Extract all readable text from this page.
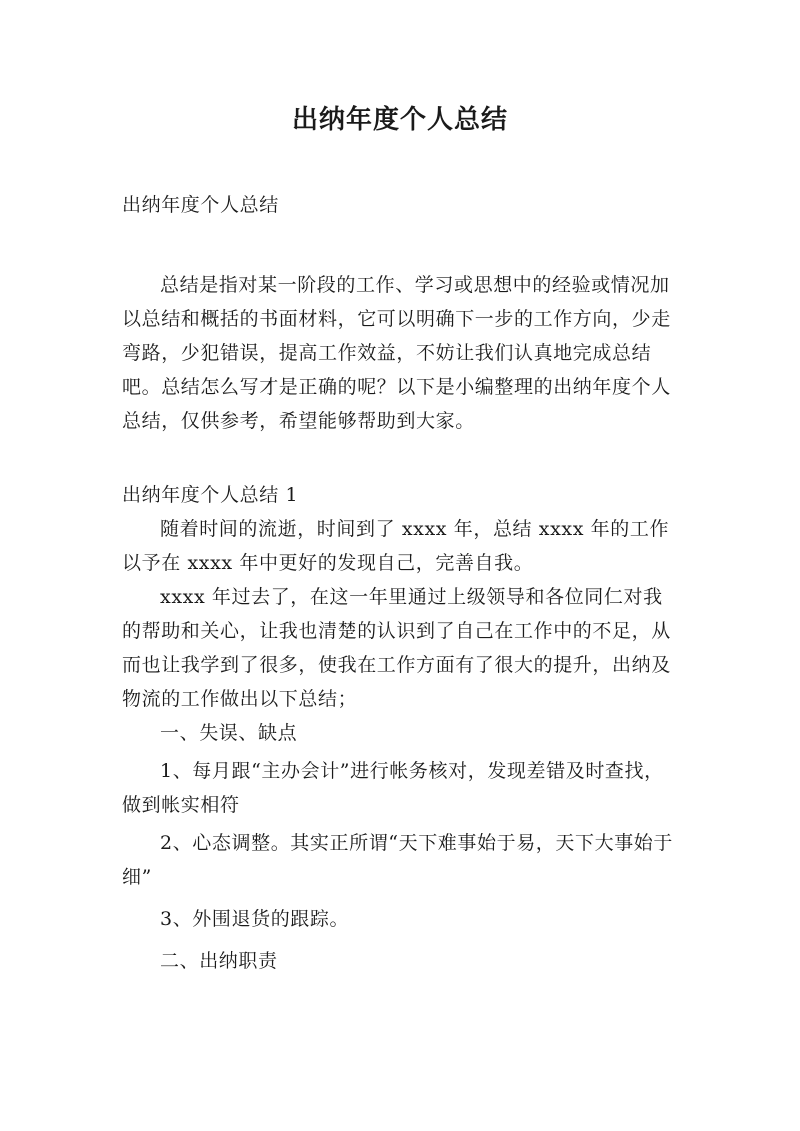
出纳年度个人总结

出纳年度个人总结

总结是指对某一阶段的工作、学习或思想中的经验或情况加以总结和概括的书面材料，它可以明确下一步的工作方向，少走弯路，少犯错误，提高工作效益，不妨让我们认真地完成总结吧。总结怎么写才是正确的呢？以下是小编整理的出纳年度个人总结，仅供参考，希望能够帮助到大家。

出纳年度个人总结 1

随着时间的流逝，时间到了 xxxx 年，总结 xxxx 年的工作以予在 xxxx 年中更好的发现自己，完善自我。

xxxx 年过去了，在这一年里通过上级领导和各位同仁对我的帮助和关心，让我也清楚的认识到了自己在工作中的不足，从而也让我学到了很多，使我在工作方面有了很大的提升，出纳及物流的工作做出以下总结；

一、失误、缺点

1、每月跟“主办会计”进行帐务核对，发现差错及时查找，做到帐实相符

2、心态调整。其实正所谓“天下难事始于易，天下大事始于细”

3、外围退货的跟踪。

二、出纳职责
